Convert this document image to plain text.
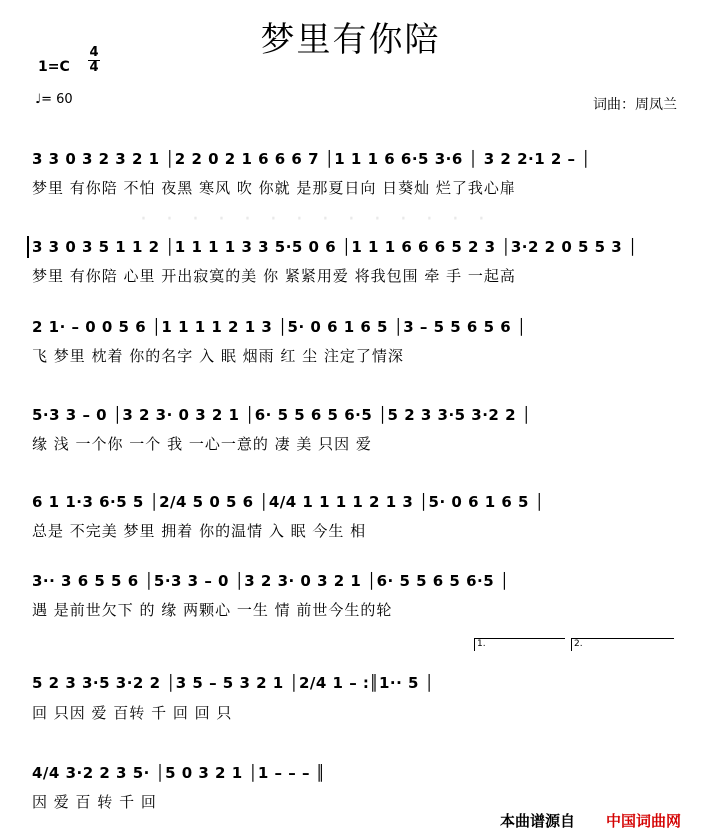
梦里有你陪
1=C
4
4
♩= 60	词曲：周凤兰
· · · · · · · · · · · · · ·
3 3 0 3 2 3 2 1 │2 2 0 2 1 6 6 6 7 │1 1 1 6 6·5 3·6 │ 3 2 2·1 2 – │
梦里 有你陪 不怕 夜黑 寒风 吹 你就 是那夏日向 日葵灿 烂了我心扉
3 3 0 3 5 1 1 2 │1 1 1 1 3 3 5·5 0 6 │1 1 1 6 6 6 5 2 3 │3·2 2 0 5 5 3 │
梦里 有你陪 心里 开出寂寞的美 你 紧紧用爱 将我包围 牵 手 一起高
2 1· – 0 0 5 6 │1 1 1 1 2 1 3 │5· 0 6 1 6 5 │3 – 5 5 6 5 6 │
飞 梦里 枕着 你的名字 入 眠 烟雨 红 尘 注定了情深
5·3 3 – 0 │3 2 3· 0 3 2 1 │6· 5 5 6 5 6·5 │5 2 3 3·5 3·2 2 │
缘 浅 一个你 一个 我 一心一意的 凄 美 只因 爱
6 1 1·3 6·5 5 │2/4 5 0 5 6 │4/4 1 1 1 1 2 1 3 │5· 0 6 1 6 5 │
总是 不完美 梦里 拥着 你的温情 入 眠 今生 相
3·· 3 6 5 5 6 │5·3 3 – 0 │3 2 3· 0 3 2 1 │6· 5 5 6 5 6·5 │
遇 是前世欠下 的 缘 两颗心 一生 情 前世今生的轮
1.	2.
5 2 3 3·5 3·2 2 │3 5 – 5 3 2 1 │2/4 1 – :║1·· 5 │
回 只因 爱 百转 千 回 回 只
4/4 3·2 2 3 5· │5 0 3 2 1 │1 – – – ║
因 爱 百 转 千 回
本曲谱源自 中国词曲网
